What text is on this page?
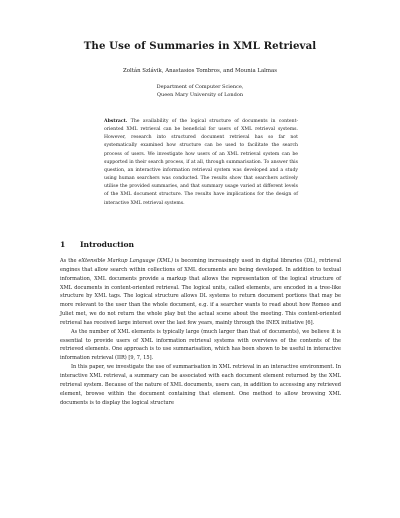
The Use of Summaries in XML Retrieval
Zoltán Szlávik, Anastasios Tombros, and Mounia Lalmas
Department of Computer Science,
Queen Mary University of London

Abstract. The availability of the logical structure of documents in content-oriented XML retrieval can be beneficial for users of XML retrieval systems. However, research into structured document retrieval has so far not systematically examined how structure can be used to facilitate the search process of users. We investigate how users of an XML retrieval system can be supported in their search process, if at all, through summarisation. To answer this question, an interactive information retrieval system was developed and a study using human searchers was conducted. The results show that searchers actively utilise the provided summaries, and that summary usage varied at different levels of the XML document structure. The results have implications for the design of interactive XML retrieval systems.

1 Introduction

As the eXtensible Markup Language (XML) is becoming increasingly used in digital libraries (DL), retrieval engines that allow search within collections of XML documents are being developed. In addition to textual information, XML documents provide a markup that allows the representation of the logical structure of XML documents in content-oriented retrieval. The logical units, called elements, are encoded in a tree-like structure by XML tags. The logical structure allows DL systems to return document portions that may be more relevant to the user than the whole document, e.g. if a searcher wants to read about how Romeo and Juliet met, we do not return the whole play but the actual scene about the meeting. This content-oriented retrieval has received large interest over the last few years, mainly through the INEX initiative [6].

As the number of XML elements is typically large (much larger than that of documents), we believe it is essential to provide users of XML information retrieval systems with overviews of the contents of the retrieved elements. One approach is to use summarisation, which has been shown to be useful in interactive information retrieval (IIR) [9, 7, 15].

In this paper, we investigate the use of summarisation in XML retrieval in an interactive environment. In interactive XML retrieval, a summary can be associated with each document element returned by the XML retrieval system. Because of the nature of XML documents, users can, in addition to accessing any retrieved element, browse within the document containing that element. One method to allow browsing XML documents is to display the logical structure
